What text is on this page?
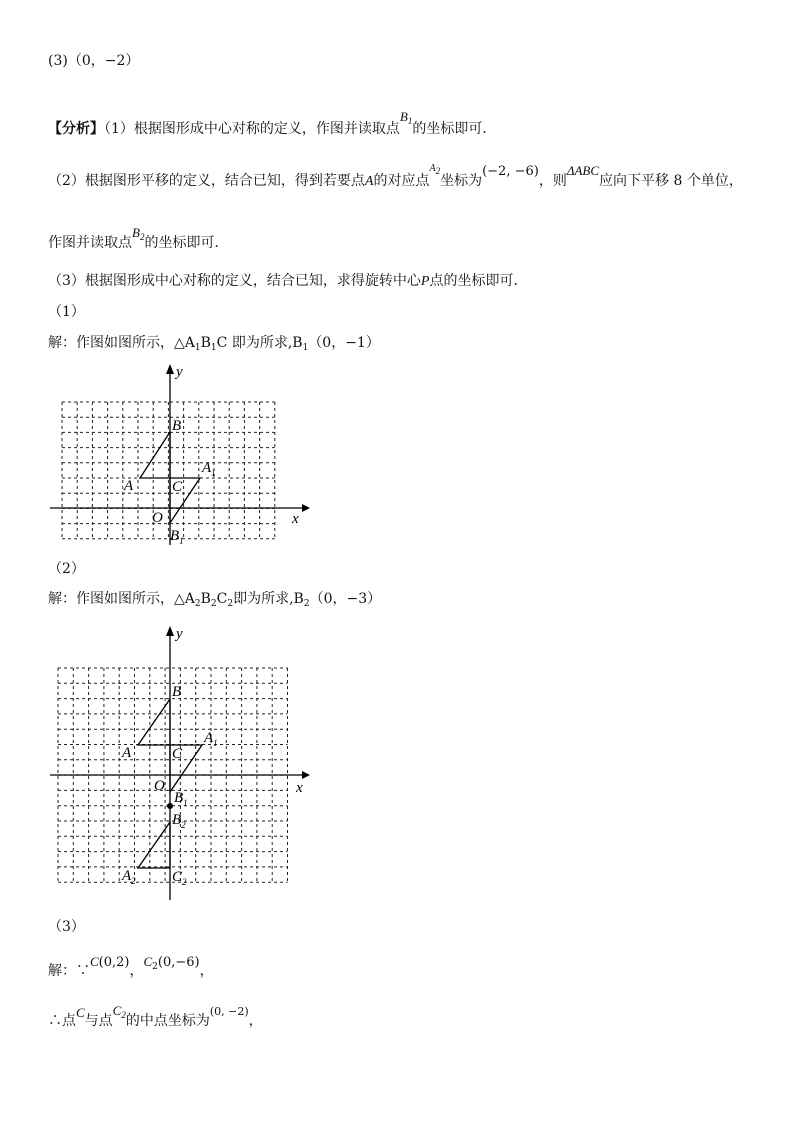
(3)（0，−2）
【分析】（1）根据图形成中心对称的定义，作图并读取点$B_1$的坐标即可．
（2）根据图形平移的定义，结合已知，得到若要点A的对应点$^{A2}$坐标为(−2, −6)，则ΔABC应向下平移 8 个单位，
作图并读取点$B_2$的坐标即可．
（3）根据图形成中心对称的定义，结合已知，求得旋转中心P点的坐标即可．
（1）
解：作图如图所示，$\triangle A_1B_1C$ 即为所求$,B_1(0$，−1）
x
y
B
A	C
O
$A_1$
$B_1$
（2）
解：作图如图所示，$\triangle A_2B_2C_2$即为所求$,B_2(0$，−3）
x
y
B
A	C
O
$A_1$
$B_1$
$B_2$
$A_2$ $C_2$
（3）
解：∵C(0,2)，$C_2(0,-6)$，
∴点C与点$C_2$的中点坐标为$^{(0, -2)}$，
